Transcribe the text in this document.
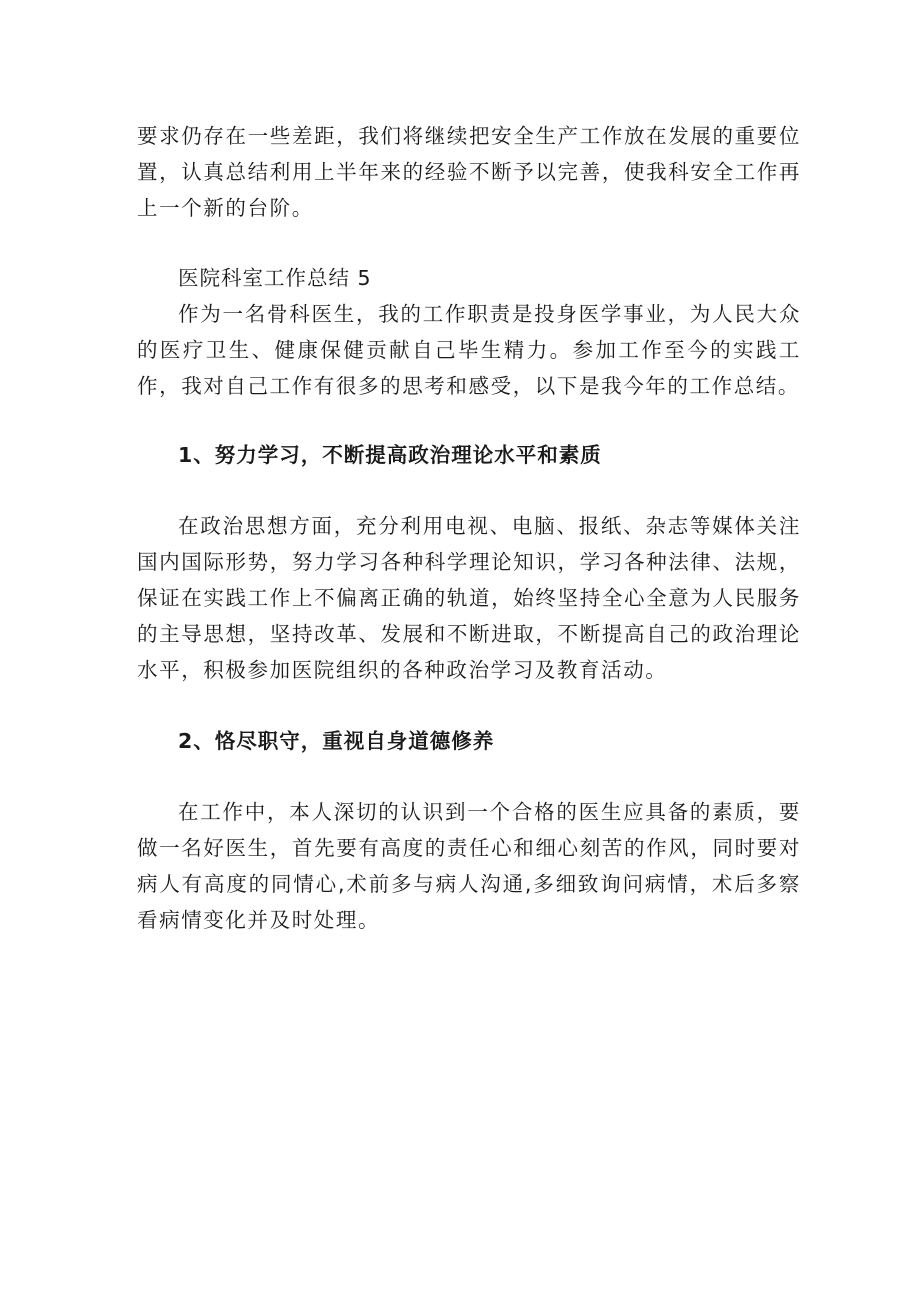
要求仍存在一些差距，我们将继续把安全生产工作放在发展的重要位置，认真总结利用上半年来的经验不断予以完善，使我科安全工作再上一个新的台阶。

医院科室工作总结 5

作为一名骨科医生，我的工作职责是投身医学事业，为人民大众的医疗卫生、健康保健贡献自己毕生精力。参加工作至今的实践工作，我对自己工作有很多的思考和感受，以下是我今年的工作总结。

1、努力学习，不断提高政治理论水平和素质

在政治思想方面，充分利用电视、电脑、报纸、杂志等媒体关注国内国际形势，努力学习各种科学理论知识，学习各种法律、法规，保证在实践工作上不偏离正确的轨道，始终坚持全心全意为人民服务的主导思想，坚持改革、发展和不断进取，不断提高自己的政治理论水平，积极参加医院组织的各种政治学习及教育活动。

2、恪尽职守，重视自身道德修养

在工作中，本人深切的认识到一个合格的医生应具备的素质，要做一名好医生，首先要有高度的责任心和细心刻苦的作风，同时要对病人有高度的同情心,术前多与病人沟通,多细致询问病情，术后多察看病情变化并及时处理。
